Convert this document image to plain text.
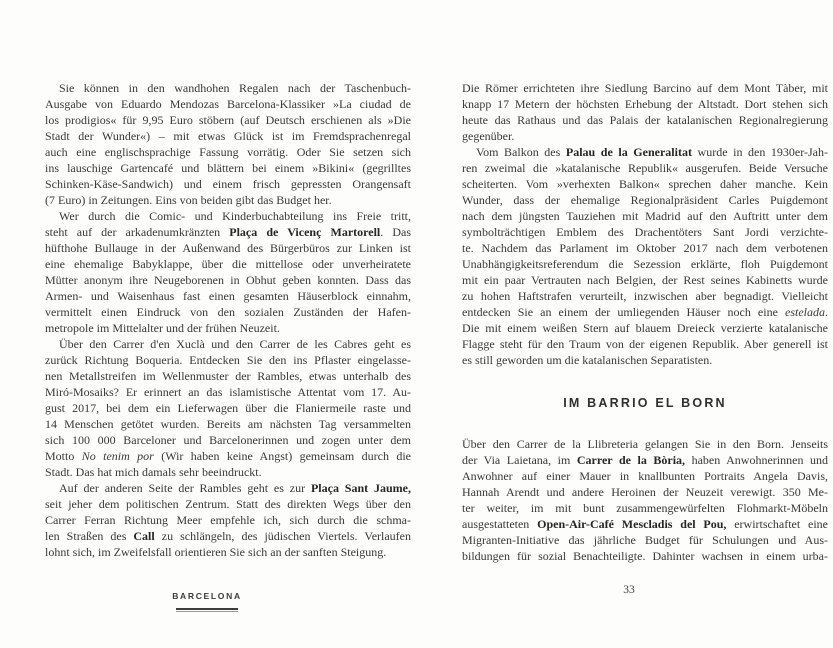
Sie können in den wandhohen Regalen nach der Taschenbuch-
Ausgabe von Eduardo Mendozas Barcelona-Klassiker »La ciudad de
los prodigios« für 9,95 Euro stöbern (auf Deutsch erschienen als »Die
Stadt der Wunder«) – mit etwas Glück ist im Fremdsprachenregal
auch eine englischsprachige Fassung vorrätig. Oder Sie setzen sich
ins lauschige Gartencafé und blättern bei einem »Bikini« (gegrilltes
Schinken-Käse-Sandwich) und einem frisch gepressten Orangensaft
(7 Euro) in Zeitungen. Eins von beiden gibt das Budget her.
Wer durch die Comic- und Kinderbuchabteilung ins Freie tritt,
steht auf der arkadenumkränzten Plaça de Vicenç Martorell. Das
hüfthohe Bullauge in der Außenwand des Bürgerbüros zur Linken ist
eine ehemalige Babyklappe, über die mittellose oder unverheiratete
Mütter anonym ihre Neugeborenen in Obhut geben konnten. Dass das
Armen- und Waisenhaus fast einen gesamten Häuserblock einnahm,
vermittelt einen Eindruck von den sozialen Zuständen der Hafen-
metropole im Mittelalter und der frühen Neuzeit.
Über den Carrer d'en Xuclà und den Carrer de les Cabres geht es
zurück Richtung Boqueria. Entdecken Sie den ins Pflaster eingelasse-
nen Metallstreifen im Wellenmuster der Rambles, etwas unterhalb des
Miró-Mosaiks? Er erinnert an das islamistische Attentat vom 17. Au-
gust 2017, bei dem ein Lieferwagen über die Flaniermeile raste und
14 Menschen getötet wurden. Bereits am nächsten Tag versammelten
sich 100 000 Barceloner und Barcelonerinnen und zogen unter dem
Motto No tenim por (Wir haben keine Angst) gemeinsam durch die
Stadt. Das hat mich damals sehr beeindruckt.
Auf der anderen Seite der Rambles geht es zur Plaça Sant Jaume,
seit jeher dem politischen Zentrum. Statt des direkten Wegs über den
Carrer Ferran Richtung Meer empfehle ich, sich durch die schma-
len Straßen des Call zu schlängeln, des jüdischen Viertels. Verlaufen
lohnt sich, im Zweifelsfall orientieren Sie sich an der sanften Steigung.
Die Römer errichteten ihre Siedlung Barcino auf dem Mont Tàber, mit
knapp 17 Metern der höchsten Erhebung der Altstadt. Dort stehen sich
heute das Rathaus und das Palais der katalanischen Regionalregierung
gegenüber.
Vom Balkon des Palau de la Generalitat wurde in den 1930er-Jah-
ren zweimal die »katalanische Republik« ausgerufen. Beide Versuche
scheiterten. Vom »verhexten Balkon« sprechen daher manche. Kein
Wunder, dass der ehemalige Regionalpräsident Carles Puigdemont
nach dem jüngsten Tauziehen mit Madrid auf den Auftritt unter dem
symbolträchtigen Emblem des Drachentöters Sant Jordi verzichte-
te. Nachdem das Parlament im Oktober 2017 nach dem verbotenen
Unabhängigkeitsreferendum die Sezession erklärte, floh Puigdemont
mit ein paar Vertrauten nach Belgien, der Rest seines Kabinetts wurde
zu hohen Haftstrafen verurteilt, inzwischen aber begnadigt. Vielleicht
entdecken Sie an einem der umliegenden Häuser noch eine estelada.
Die mit einem weißen Stern auf blauem Dreieck verzierte katalanische
Flagge steht für den Traum von der eigenen Republik. Aber generell ist
es still geworden um die katalanischen Separatisten.
IM BARRIO EL BORN
Über den Carrer de la Llibreteria gelangen Sie in den Born. Jenseits
der Via Laietana, im Carrer de la Bòria, haben Anwohnerinnen und
Anwohner auf einer Mauer in knallbunten Portraits Angela Davis,
Hannah Arendt und andere Heroinen der Neuzeit verewigt. 350 Me-
ter weiter, im mit bunt zusammengewürfelten Flohmarkt-Möbeln
ausgestatteten Open-Air-Café Mescladis del Pou, erwirtschaftet eine
Migranten-Initiative das jährliche Budget für Schulungen und Aus-
bildungen für sozial Benachteiligte. Dahinter wachsen in einem urba-
BARCELONA	33
